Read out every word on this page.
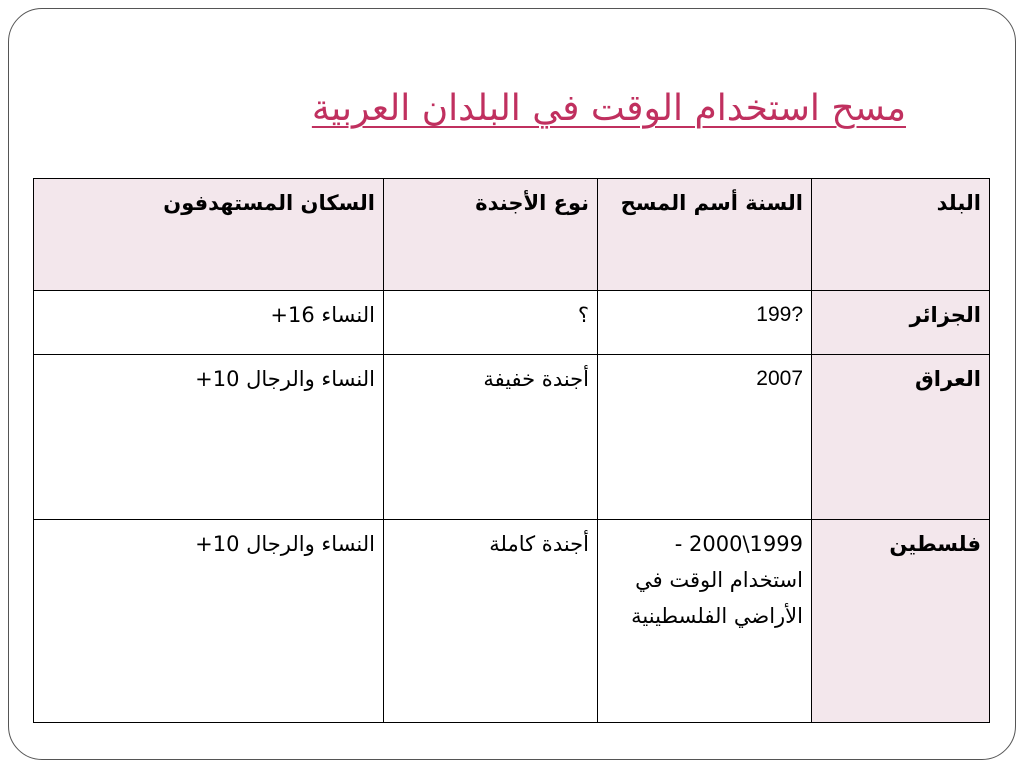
مسح استخدام الوقت في البلدان العربية
البلد	السنة أسم المسح	نوع الأجندة	السكان المستهدفون
الجزائر	199?	؟	النساء 16+
العراق	2007	أجندة خفيفة	النساء والرجال 10+
فلسطين	1999\2000 - استخدام الوقت في الأراضي الفلسطينية	أجندة كاملة	النساء والرجال 10+
